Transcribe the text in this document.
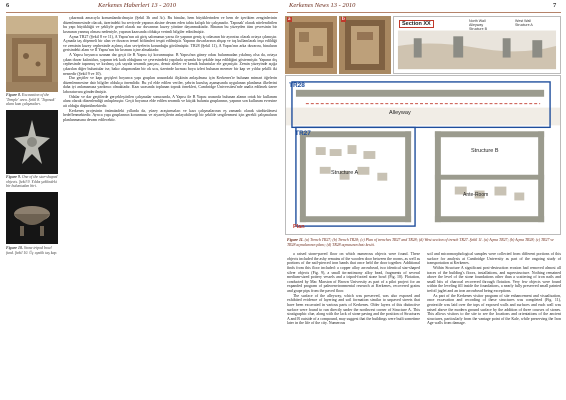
6	Kerkenes Haberleri 13 - 2010
Figure 8. Excavation of the 'Temple' area. Şekil 8. 'Tapınak' alanı kazı çalışmaları.
Figure 9. One of the star-shaped objects. Şekil 9. Yıldız şeklindeki bir buluntudan biri.
Figure 10. Stone tripod bowl fund. Şekil 10. Üç ayaklı taş kap.

çıkarmak amacıyla konumlandırılmıştır (Şekil 3b and 3c). Bu binalar, hem büyüklerinden ve hem de içerikten zenginlerinin düzenlenmesinde olacak, üzerindeki bu seviyede yapının aksine devam eden tahta kalıplı bir çalışmadır. 'Tapınak' olarak nitelendirilen bu yapı büyüklüğü ve şekliyle genel olarak sur duvarının kuzey yönüne dayanmaktadır. Binanın bu yüzeyden tüm çevresinin bir kısmının yanmış olması nedeniyle, yapının kazısında oldukça verimli bilgiler edinilmiştir.

Açma TR27 (Şekil 8 ve 11), A Yapısı'nın ait giriş salonunun yarısı ile yapının geniş iç odasının bir ayrıntısı olarak ortaya çıkmıştır. Açmada taş döşemeli bir alan ve duvarın temel bölümleri tespit edilmiştir. Yapının duvarlarının ahşap ve taş kullanılarak inşa edildiği ve zeminin kuzey cephesinde açılmış olan seviyelerin korunduğu görülmüştür. TR28 (Şekil 11), A Yapısı'nın arka duvarını, binaların gerisindeki alanı ve II Yapısı'nın bir kısmını içine almaktadır.

A Yapısı boyunca uzanan dar geçit ile B Yapısı içi korunmuştur. B Yapısı'nın güney odası bulunmadan yıkılmış olsa da, ortaya çıkan duvar kalıntıları, yapının tek katlı olduğunu ve çevresindeki yapılarla uyumlu bir şekilde inşa edildiğini göstermiştir. Yapının dış cephesinde taşınmış ve kırılmış çok sayıda seramik parçası, demir aletler ve kemik buluntular ele geçmiştir. Zemin yüzeyinde açığa çıkarılan diğer buluntular ise, bakır alaşımından bir ok ucu, üzerinde kırmızı boya izleri bulunan mermer bir kap ve yıldız şekilli iki nesnedir (Şekil 9 ve 10).

Dar geçitler ve kapı geçişleri boyunca yapı grupları arasındaki ilişkinin anlaşılması için Kerkenes'te bulunan mimari öğelerin düzenlenmesine dair bilgiler oldukça önemlidir. Bu yıl elde edilen veriler, şehrin kuruluş aşamasında uygulanan planlama ilkelerini daha iyi anlamamıza yardımcı olmaktadır. Kazı sırasında toplanan toprak örnekleri, Cambridge Üniversitesi'nde analiz edilmek üzere laboratuvara gönderilmiştir.

Odalar ve dar geçitlerde gerçekleştirilen çalışmalar sonucunda, A Yapısı ile B Yapısı arasında bulunan alanın ortak bir kullanım alanı olarak düzenlendiği anlaşılmıştır. Geçit boyunca elde edilen seramik ve küçük buluntu gruplarının, yapının son kullanım evresine ait olduğu düşünülmektedir.

Kerkenes projesinin önümüzdeki yıllarda da, yüzey araştırmaları ve kazı çalışmalarının eş zamanlı olarak sürdürülmesi hedeflenmektedir. Ayrıca yapı gruplarının korunması ve ziyaretçilerin anlayabileceği bir şekilde sergilenmesi için gerekli çalışmaların planlanmasına devam edilecektir.

Kerkenes News 13 - 2010	7
a	b
Section XX	North Wall
Alleyway
Structure B
West Wall
Structure A
TR28
TR27
Alleyway
Structure A
Structure B
Ante-Room
Plan
Figure 11. (a) Trench TR27; (b) Trench TR28; (c) Plan of trenches TR27 and TR28; (d) West section of trench TR27. Şekil 11. (a) Açma TR27; (b) Açma TR28; (c) TR27 ve TR28 açmalarının planı; (d) TR28 açmasının batı kesiti.

a raised stone-paved floor on which numerous objects were found. These objects included the ashy remains of the wooden door between the rooms, as well as portions of the nail-pierced iron bands that once held the door together. Additional finds from this floor included: a copper alloy arrowhead, two identical star-shaped silver objects (Fig. 9), a small tin-antimony alloy bead, fragments of several medium-sized pottery vessels and a tripod-footed stone bowl (Fig. 10). Flotation, conducted by Mac Marston of Brown University as part of a pilot project for an expanded program of paleoenvironmental research at Kerkenes, recovered grains and grape pips from the paved floor.

The surface of the alleyway, which was preserved, was also exposed and exhibited evidence of layering and soil formation similar to unpaved streets that have been excavated in various parts of Kerkenes. Older layers of this distinctive surface were found to run directly under the northwest corner of Structure A. This stratigraphic clue, along with the lack of stone paving and the position of Structures A and B outside of a compound, may suggest that the buildings were built sometime later in the life of the city. Numerous

soil and micromorphological samples were collected from different portions of this surface for analysis at Cambridge University as part of the ongoing study of transportation at Kerkenes.

Within Structure A significant post-destruction erosion had removed almost all traces of the building's floors, installations, and superstructure. Nothing remained above the level of the stone foundations other than a scattering of iron nails and small bits of charcoal recovered through flotation. Very few objects were found within the leveling fill inside the foundations, a nearly fully preserved small painted trefoil juglet and an iron arrowhead being exceptions.

As part of the Kerkenes visitor program of site enhancement and visualisation, once excavation and recording of these structures was completed (Fig. 11), geotextile was laid over the tops of exposed walls and surfaces and each wall was raised above the modern ground surface by the addition of three courses of stones. This allows visitors to the site to see the locations and orientations of the ancient structures, particularly from the vantage point of the Kale, while preserving the Iron Age walls from damage.
